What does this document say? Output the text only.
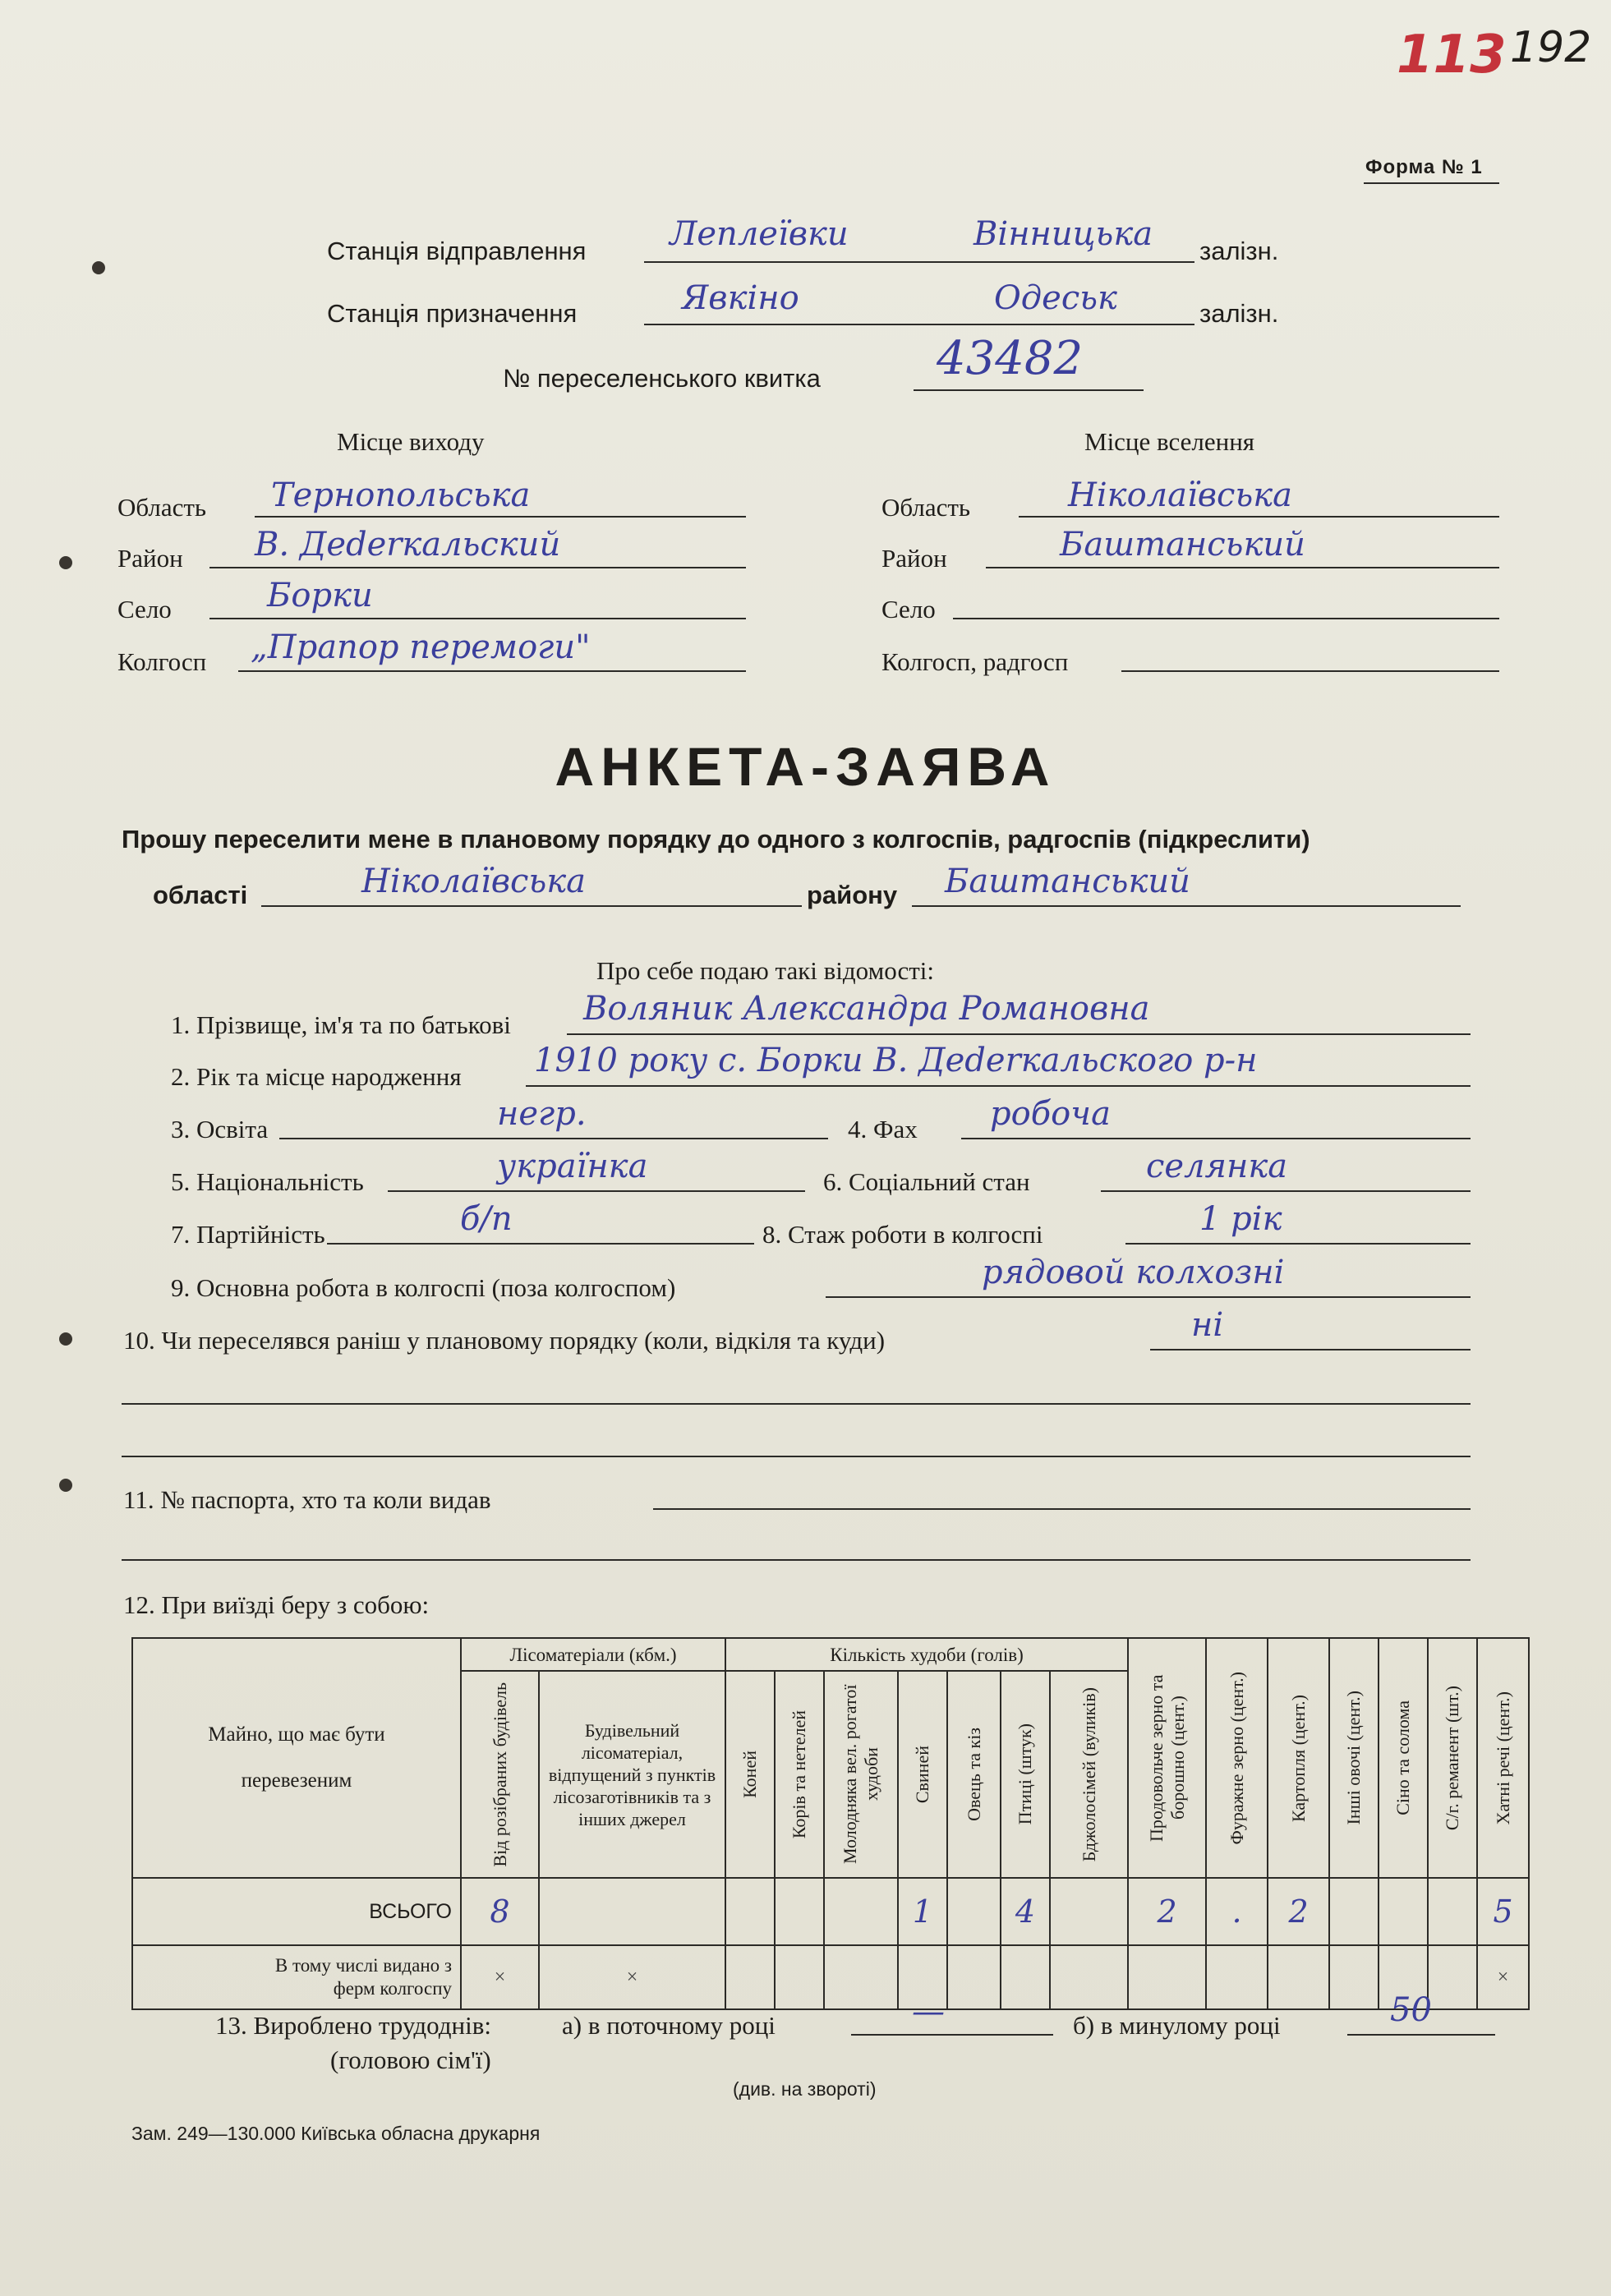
113 192
Форма № 1
Станція відправлення	Леплеївки	Вінницька залізн.
Станція призначення	Явкіно	Одеськ	залізн.
№ переселенського квитка	43482
Місце виходу	Місце вселення
Область Тернопольська
Район В. Деderкальский
Село	Борки
Колгосп „Прапор перемоги"
Область	Ніколаївська
Район	Баштанський
Село
Колгосп, радгосп
АНКЕТА-ЗАЯВА
Прошу переселити мене в плановому порядку до одного з колгоспів, радгоспів (підкреслити)
області	Ніколаївська	району Баштанський
Про себе подаю такі відомості:
1. Прізвище, ім'я та по батькові Воляник Александра Романовна
2. Рік та місце народження 1910 року с. Борки В. Деderкальского р-н
3. Освіта	негр.	4. Фах робоча
5. Національність	українка	6. Соціальний стан	селянка
7. Партійність	б/п	8. Стаж роботи в колгоспі	1 рік
9. Основна робота в колгоспі (поза колгоспом)	рядовой колхозні
10. Чи переселявся раніш у плановому порядку (коли, відкіля та куди)	ні
11. № паспорта, хто та коли видав
12. При виїзді беру з собою:
Майно, що має бути перевезеним	Лісоматеріали (кбм.)		Кількість худоби (голів)							Продовольче зерно та борошно (цент.)	Фуражне зерно (цент.)	Картопля (цент.)	Інші овочі (цент.)	Сіно та солома	С/г. реманент (шт.)	Хатні речі (цент.)

	Від розібраних будівель	Будівельний лісоматеріал, відпущений з пунктів лісозаготівників та з інших джерел	Коней	Корів та нетелей	Молодняка вел. рогатої худоби	Свиней	Овець та кіз	Птиці (штук)	Бджолосімей (вуликів)							

ВСЬОГО	8					1		4		2	.	2				5

В тому числі видано з ферм колгоспу	×	×														×
13. Вироблено трудоднів:
(головою сім'ї)
а) в поточному році	—	б) в минулому році	50
(див. на звороті)
Зам. 249—130.000 Київська обласна друкарня
